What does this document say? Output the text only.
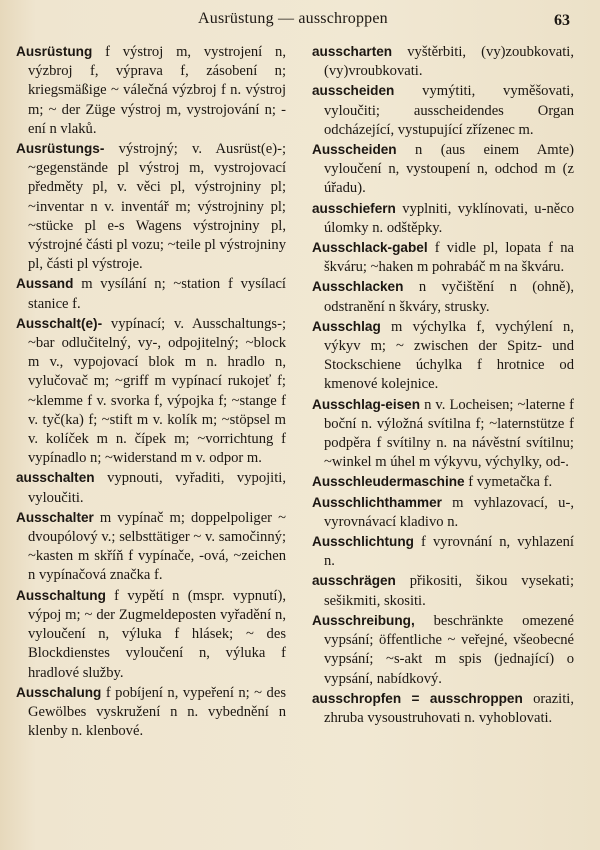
Ausrüstung — ausschroppen	63

Ausrüstung f výstroj m, vystrojení n, výzbroj f, výprava f, zásobení n; kriegsmäßige ~ válečná výzbroj f n. výstroj m; ~ der Züge výstroj m, vystrojování n; -ení n vlaků.

Ausrüstungs- výstrojný; v. Ausrüst(e)-; ~gegenstände pl výstroj m, vystrojovací předměty pl, v. věci pl, výstrojniny pl; ~inventar n v. inventář m; výstrojniny pl; ~stücke pl e-s Wagens výstrojniny pl, výstrojné části pl vozu; ~teile pl výstrojniny pl, části pl výstroje.

Aussand m vysílání n; ~station f vysílací stanice f.

Ausschalt(e)- vypínací; v. Ausschaltungs-; ~bar odlučitelný, vy-, odpojitelný; ~block m v., vypojovací blok m n. hradlo n, vylučovač m; ~griff m vypínací rukojeť f; ~klemme f v. svorka f, výpojka f; ~stange f v. tyč(ka) f; ~stift m v. kolík m; ~stöpsel m v. kolíček m n. čípek m; ~vorrichtung f vypínadlo n; ~widerstand m v. odpor m.

ausschalten vypnouti, vyřaditi, vypojiti, vyloučiti.

Ausschalter m vypínač m; doppelpoliger ~ dvoupólový v.; selbsttätiger ~ v. samočinný; ~kasten m skříň f vypínače, -ová, ~zeichen n vypínačová značka f.

Ausschaltung f vypětí n (mspr. vypnutí), výpoj m; ~ der Zugmeldeposten vyřadění n, vyloučení n, výluka f hlásek; ~ des Blockdienstes vyloučení n, výluka f hradlové služby.

Ausschalung f pobíjení n, vypeření n; ~ des Gewölbes vyskružení n n. vybednění n klenby n. klenbové.

ausscharten vyštěrbiti, (vy)zoubkovati, (vy)vroubkovati.

ausscheiden vymýtiti, vyměšovati, vyloučiti; ausscheidendes Organ odcházející, vystupující zřízenec m.

Ausscheiden n (aus einem Amte) vyloučení n, vystoupení n, odchod m (z úřadu).

ausschiefern vyplniti, vyklínovati, u-něco úlomky n. odštěpky.

Ausschlack-gabel f vidle pl, lopata f na škváru; ~haken m pohrabáč m na škváru.

Ausschlacken n vyčištění n (ohně), odstranění n škváry, strusky.

Ausschlag m výchylka f, vychýlení n, výkyv m; ~ zwischen der Spitz- und Stockschiene úchylka f hrotnice od kmenové kolejnice.

Ausschlag-eisen n v. Locheisen; ~laterne f boční n. výložná svítilna f; ~laternstütze f podpěra f svítilny n. na návěstní svítilnu; ~winkel m úhel m výkyvu, výchylky, od-.

Ausschleudermaschine f vymetačka f.

Ausschlichthammer m vyhlazovací, u-, vyrovnávací kladivo n.

Ausschlichtung f vyrovnání n, vyhlazení n.

ausschrägen přikositi, šikou vysekati; sešikmiti, skositi.

Ausschreibung, beschränkte omezené vypsání; öffentliche ~ veřejné, všeobecné vypsání; ~s-akt m spis (jednající) o vypsání, nabídkový.

ausschropfen = ausschroppen oraziti, zhruba vysoustruhovati n. vyhoblovati.
